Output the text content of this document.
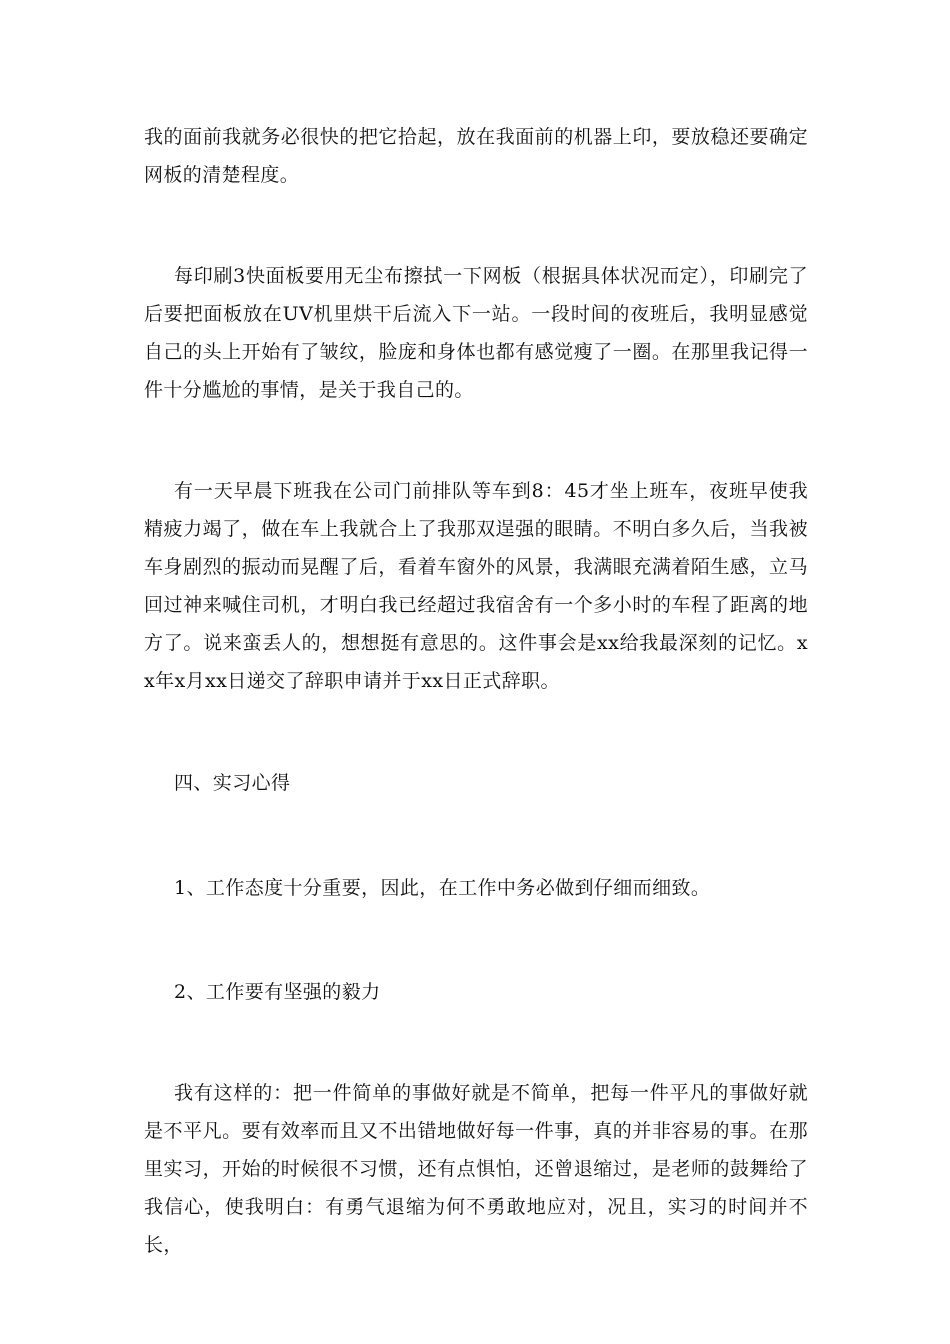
我的面前我就务必很快的把它拾起，放在我面前的机器上印，要放稳还要确定网板的清楚程度。

每印刷3快面板要用无尘布擦拭一下网板（根据具体状况而定），印刷完了后要把面板放在UV机里烘干后流入下一站。一段时间的夜班后，我明显感觉自己的头上开始有了皱纹，脸庞和身体也都有感觉瘦了一圈。在那里我记得一件十分尴尬的事情，是关于我自己的。

有一天早晨下班我在公司门前排队等车到8：45才坐上班车，夜班早使我精疲力竭了，做在车上我就合上了我那双逞强的眼睛。不明白多久后，当我被车身剧烈的振动而晃醒了后，看着车窗外的风景，我满眼充满着陌生感，立马回过神来喊住司机，才明白我已经超过我宿舍有一个多小时的车程了距离的地方了。说来蛮丢人的，想想挺有意思的。这件事会是xx给我最深刻的记忆。xx年x月xx日递交了辞职申请并于xx日正式辞职。

四、实习心得

1、工作态度十分重要，因此，在工作中务必做到仔细而细致。

2、工作要有坚强的毅力

我有这样的：把一件简单的事做好就是不简单，把每一件平凡的事做好就是不平凡。要有效率而且又不出错地做好每一件事，真的并非容易的事。在那里实习，开始的时候很不习惯，还有点惧怕，还曾退缩过，是老师的鼓舞给了我信心，使我明白：有勇气退缩为何不勇敢地应对，况且，实习的时间并不长，
